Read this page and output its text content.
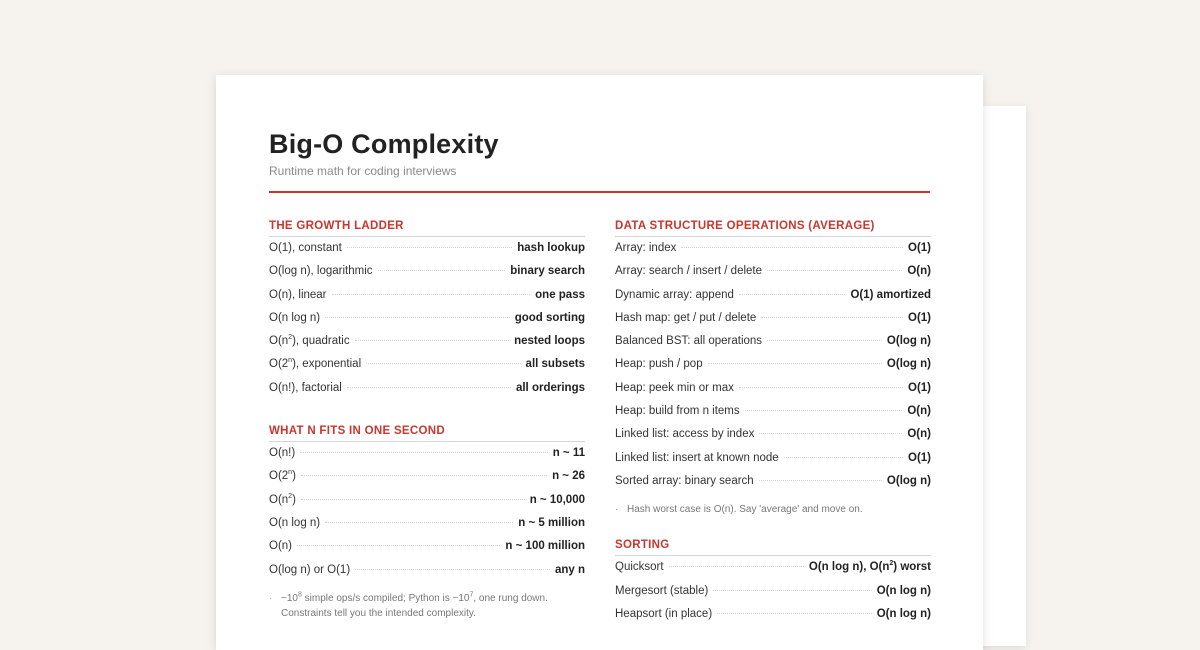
Big-O Complexity
Runtime math for coding interviews
THE GROWTH LADDER
O(1), constant	hash lookup
O(log n), logarithmic	binary search
O(n), linear	one pass
O(n log n)	good sorting
$O(n^2)$, quadratic	nested loops
O(2$^n$), exponential	all subsets
O(n!), factorial	all orderings
WHAT N FITS IN ONE SECOND
O(n!)	n ~ 11
O(2$^n$)	n ~ 26
$O(n^2)$	n ~ 10,000
O(n log n)	n ~ 5 million
O(n)	n ~ 100 million
O(log n) or O(1)	any n
· $\sim 10^8$ simple ops/s compiled; Python is $\sim 10^7$, one rung down.
Constraints tell you the intended complexity.
DATA STRUCTURE OPERATIONS (AVERAGE)
Array: index	O(1)
Array: search / insert / delete	O(n)
Dynamic array: append	O(1) amortized
Hash map: get / put / delete	O(1)
Balanced BST: all operations	O(log n)
Heap: push / pop	O(log n)
Heap: peek min or max	O(1)
Heap: build from n items	O(n)
Linked list: access by index	O(n)
Linked list: insert at known node	O(1)
Sorted array: binary search	O(log n)
· Hash worst case is O(n). Say 'average' and move on.
SORTING
Quicksort	O(n log n), $O(n^2)$ worst
Mergesort (stable)	O(n log n)
Heapsort (in place)	O(n log n)
